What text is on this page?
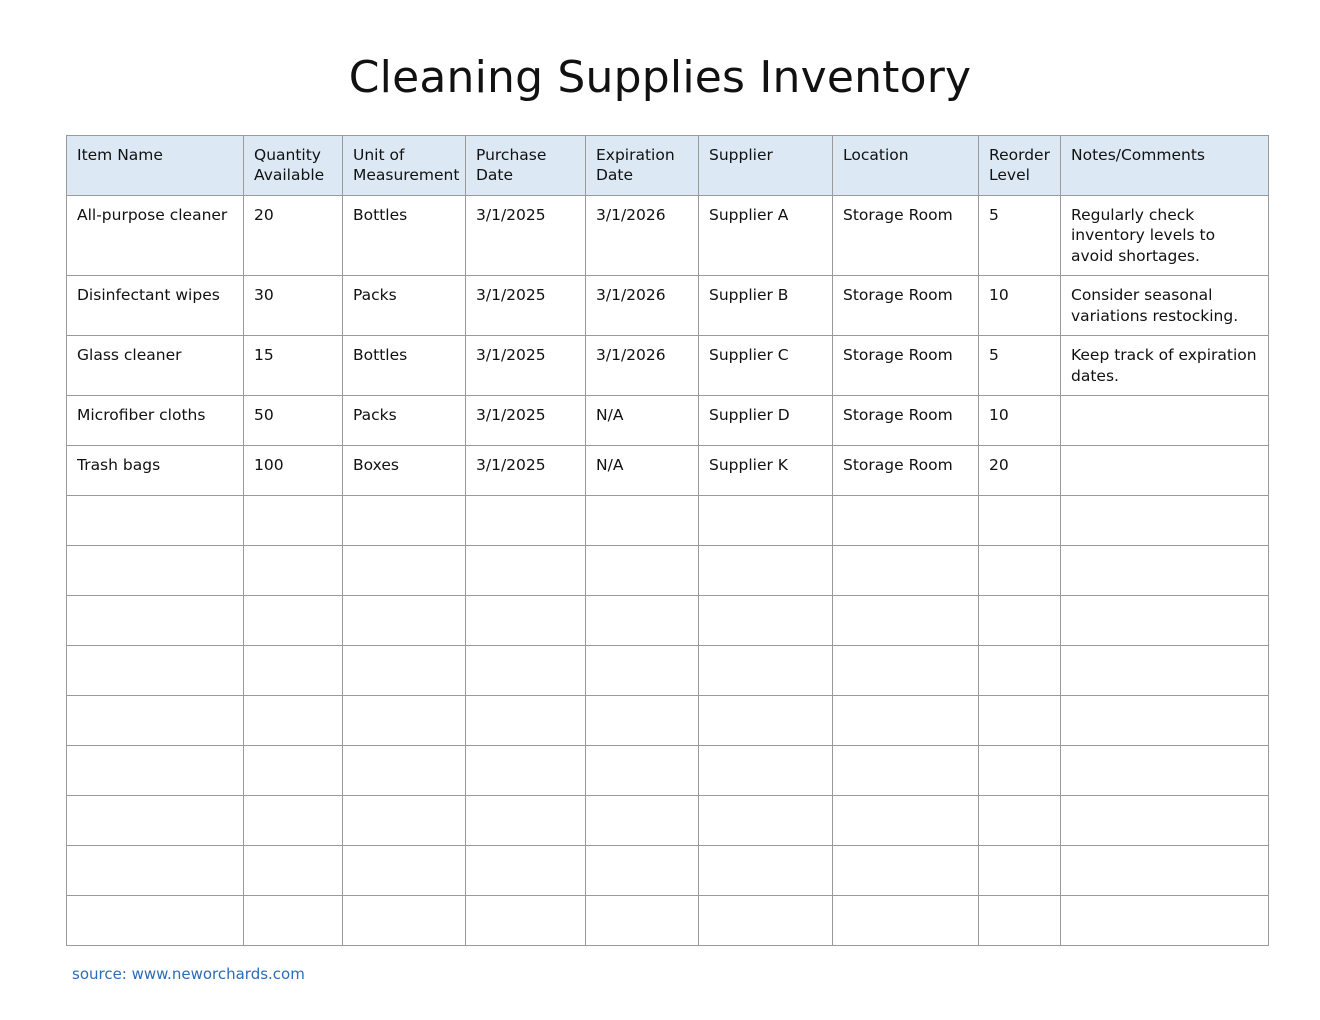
Cleaning Supplies Inventory
Item Name	Quantity Available	Unit of Measurement	Purchase Date	Expiration Date	Supplier	Location	Reorder Level	Notes/Comments
All-purpose cleaner	20	Bottles	3/1/2025	3/1/2026	Supplier A	Storage Room	5	Regularly check inventory levels to avoid shortages.
Disinfectant wipes	30	Packs	3/1/2025	3/1/2026	Supplier B	Storage Room	10	Consider seasonal variations restocking.
Glass cleaner	15	Bottles	3/1/2025	3/1/2026	Supplier C	Storage Room	5	Keep track of expiration dates.
Microfiber cloths	50	Packs	3/1/2025	N/A	Supplier D	Storage Room	10	
Trash bags	100	Boxes	3/1/2025	N/A	Supplier K	Storage Room	20	

source: www.neworchards.com
